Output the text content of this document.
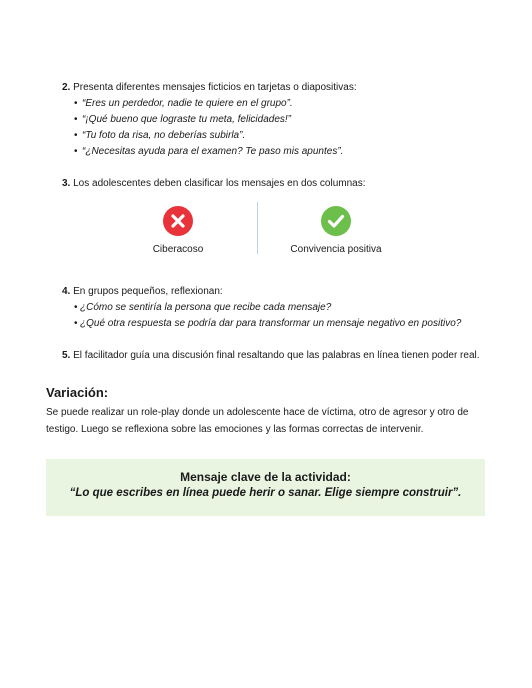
2. Presenta diferentes mensajes ficticios en tarjetas o diapositivas:
• “Eres un perdedor, nadie te quiere en el grupo”.
• “¡Qué bueno que lograste tu meta, felicidades!”
• “Tu foto da risa, no deberías subirla”.
• “¿Necesitas ayuda para el examen? Te paso mis apuntes”.
3. Los adolescentes deben clasificar los mensajes en dos columnas:
Ciberacoso	Convivencia positiva
4. En grupos pequeños, reflexionan:
• ¿Cómo se sentiría la persona que recibe cada mensaje?
• ¿Qué otra respuesta se podría dar para transformar un mensaje negativo en positivo?
5. El facilitador guía una discusión final resaltando que las palabras en línea tienen poder real.
Variación:

Se puede realizar un role-play donde un adolescente hace de víctima, otro de agresor y otro de testigo. Luego se reflexiona sobre las emociones y las formas correctas de intervenir.

Mensaje clave de la actividad:
“Lo que escribes en línea puede herir o sanar. Elige siempre construir”.
